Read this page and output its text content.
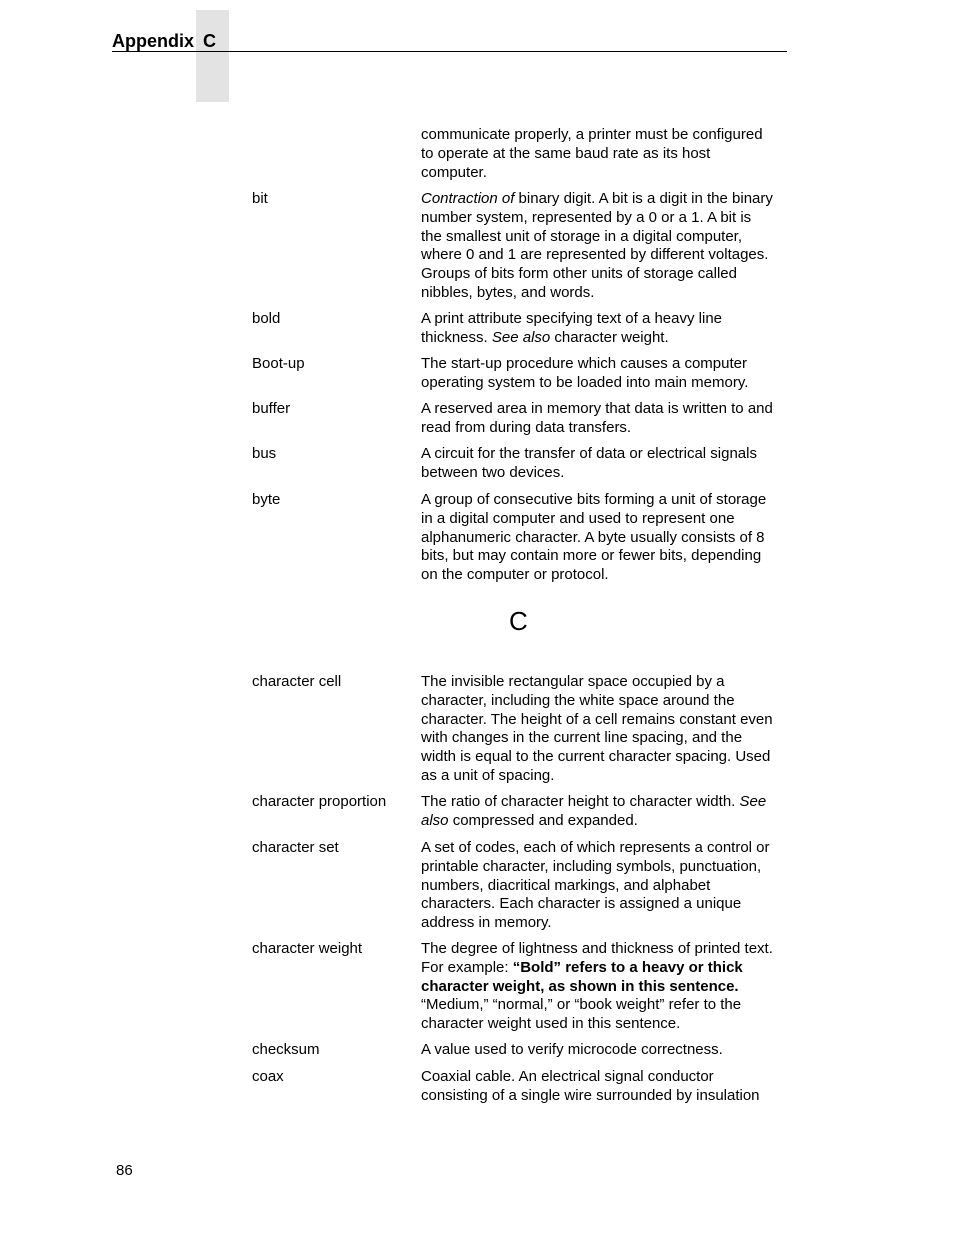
Appendix C
communicate properly, a printer must be configured
to operate at the same baud rate as its host
computer.
bit	Contraction of binary digit. A bit is a digit in the binary
number system, represented by a 0 or a 1. A bit is
the smallest unit of storage in a digital computer,
where 0 and 1 are represented by different voltages.
Groups of bits form other units of storage called
nibbles, bytes, and words.
bold	A print attribute specifying text of a heavy line
thickness. See also character weight.
Boot-up	The start-up procedure which causes a computer
operating system to be loaded into main memory.
buffer	A reserved area in memory that data is written to and
read from during data transfers.
bus	A circuit for the transfer of data or electrical signals
between two devices.
byte	A group of consecutive bits forming a unit of storage
in a digital computer and used to represent one
alphanumeric character. A byte usually consists of 8
bits, but may contain more or fewer bits, depending
on the computer or protocol.
C
character cell	The invisible rectangular space occupied by a
character, including the white space around the
character. The height of a cell remains constant even
with changes in the current line spacing, and the
width is equal to the current character spacing. Used
as a unit of spacing.
character proportion	The ratio of character height to character width. See
also compressed and expanded.
character set	A set of codes, each of which represents a control or
printable character, including symbols, punctuation,
numbers, diacritical markings, and alphabet
characters. Each character is assigned a unique
address in memory.
character weight	The degree of lightness and thickness of printed text.
For example: “Bold” refers to a heavy or thick
character weight, as shown in this sentence.
“Medium,” “normal,” or “book weight” refer to the
character weight used in this sentence.
checksum	A value used to verify microcode correctness.
coax	Coaxial cable. An electrical signal conductor
consisting of a single wire surrounded by insulation
86
